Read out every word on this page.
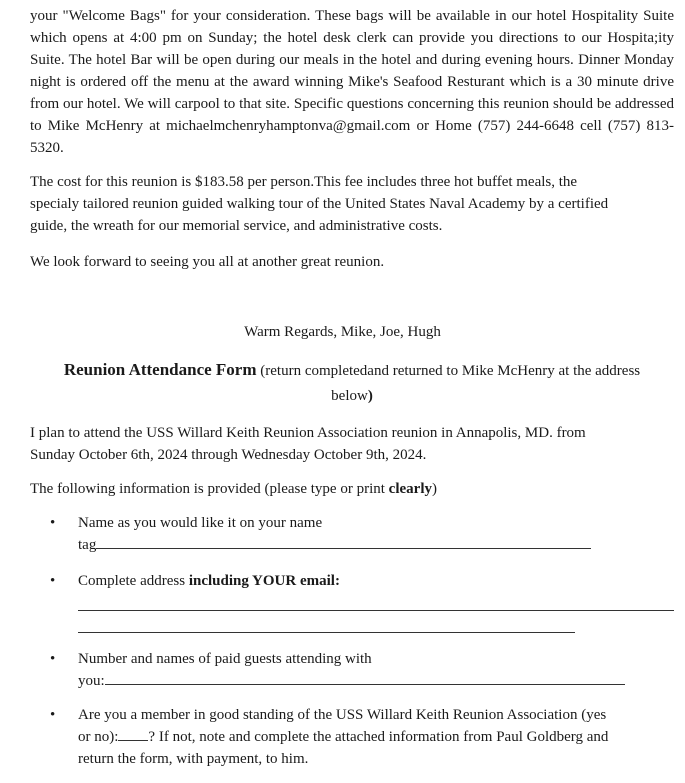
your "Welcome Bags" for your consideration. These bags will be available in our hotel Hospitality Suite which opens at 4:00 pm on Sunday; the hotel desk clerk can provide you directions to our Hospita;ity Suite. The hotel Bar will be open during our meals in the hotel and during evening hours. Dinner Monday night is ordered off the menu at the award winning Mike's Seafood Resturant which is a 30 minute drive from our hotel. We will carpool to that site. Specific questions concerning this reunion should be addressed to Mike McHenry at michaelmchenryhamptonva@gmail.com or Home (757) 244-6648 cell (757) 813-5320.

The cost for this reunion is $183.58 per person.This fee includes three hot buffet meals, the
specialy tailored reunion guided walking tour of the United States Naval Academy by a certified
guide, the wreath for our memorial service, and administrative costs.

We look forward to seeing you all at another great reunion.

Warm Regards, Mike, Joe, Hugh

Reunion Attendance Form (return completedand returned to Mike McHenry at the address
below)

I plan to attend the USS Willard Keith Reunion Association reunion in Annapolis, MD. from
Sunday October 6th, 2024 through Wednesday October 9th, 2024.

The following information is provided (please type or print clearly)

• Name as you would like it on your name
tag
• Complete address including YOUR email:
• Number and names of paid guests attending with
you:
• Are you a member in good standing of the USS Willard Keith Reunion Association (yes
or no): ? If not, note and complete the attached information from Paul Goldberg and
return the form, with payment, to him.
